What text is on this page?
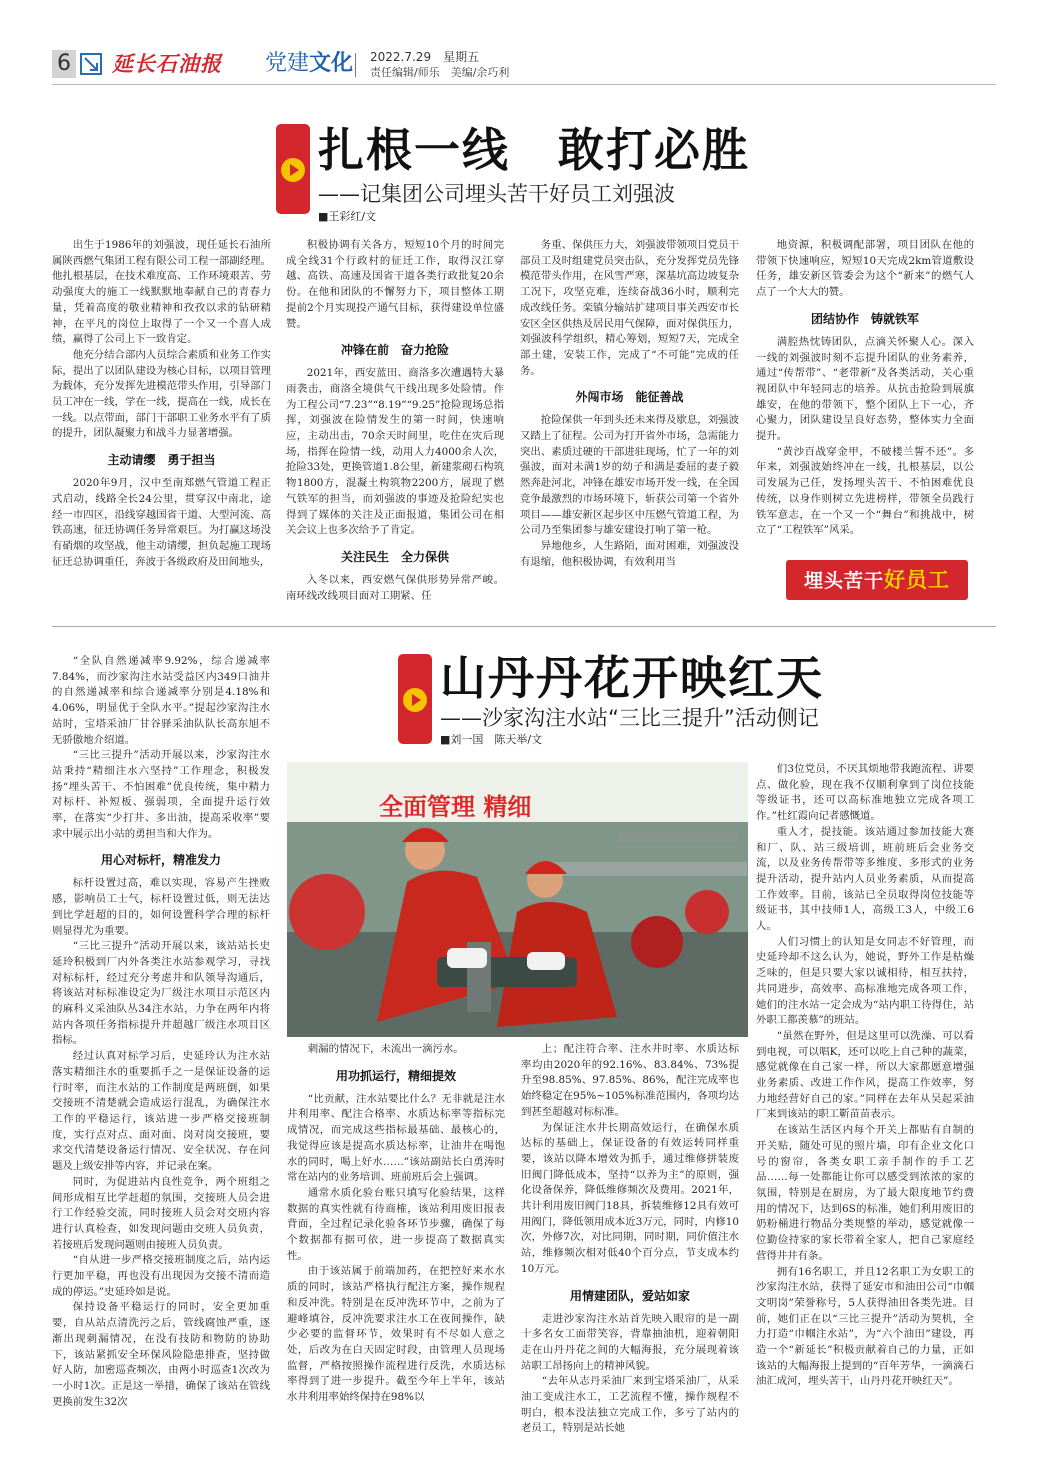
6 延长石油报 党建文化 2022.7.29　星期五
责任编辑/师乐　美编/余巧利
扎根一线　敢打必胜
——记集团公司埋头苦干好员工刘强波
■王彩红/文

出生于1986年的刘强波，现任延长石油所属陕西燃气集团工程有限公司工程一部副经理。他扎根基层，在技术难度高、工作环境艰苦、劳动强度大的施工一线默默地奉献自己的青春力量，凭着高度的敬业精神和孜孜以求的钻研精神，在平凡的岗位上取得了一个又一个喜人成绩，赢得了公司上下一致肯定。

他充分结合部内人员综合素质和业务工作实际，提出了以团队建设为核心目标，以项目管理为载体，充分发挥先进模范带头作用，引导部门员工冲在一线，学在一线，提高在一线，成长在一线。以点带面，部门干部职工业务水平有了质的提升，团队凝聚力和战斗力显著增强。

主动请缨　勇于担当

2020年9月，汉中至南郑燃气管道工程正式启动，线路全长24公里，贯穿汉中南北，途经一市四区，沿线穿越国省干道、大型河流、高铁高速，征迁协调任务异常艰巨。为打赢这场没有硝烟的攻坚战，他主动请缨，担负起施工现场征迁总协调重任，奔波于各级政府及田间地头，

积极协调有关各方，短短10个月的时间完成全线31个行政村的征迁工作，取得汉江穿越、高铁、高速及国省干道各类行政批复20余份。在他和团队的不懈努力下，项目整体工期提前2个月实现投产通气目标，获得建设单位盛赞。

冲锋在前　奋力抢险

2021年，西安蓝田、商洛多次遭遇特大暴雨袭击，商洛全境供气干线出现多处险情。作为工程公司“7.23”“8.19”“9.25”抢险现场总指挥，刘强波在险情发生的第一时间，快速响应，主动出击，70余天时间里，吃住在灾后现场，指挥在险情一线，动用人力4000余人次，抢险33处，更换管道1.8公里，新建浆砌石构筑物1800方，混凝土构筑物2200方，展现了燃气铁军的担当，而刘强波的事迹及抢险纪实也得到了媒体的关注及正面报道，集团公司在相关会议上也多次给予了肯定。

关注民生　全力保供

入冬以来，西安燃气保供形势异常严峻。南环线改线项目面对工期紧、任

务重、保供压力大，刘强波带领项目党员干部员工及时组建党员突击队，充分发挥党员先锋模范带头作用，在风雪严寒，深基坑高边坡复杂工况下，攻坚克难，连续奋战36小时，顺利完成改线任务。栾镇分输站扩建项目事关西安市长安区全区供热及居民用气保障，面对保供压力，刘强波科学组织，精心筹划，短短7天，完成全部土建，安装工作，完成了“不可能”完成的任务。

外闯市场　能征善战

抢险保供一年到头还未来得及歇息，刘强波又踏上了征程。公司为打开省外市场，急需能力突出、素质过硬的干部进驻现场，忙了一年的刘强波，面对未满1岁的幼子和满是委屈的妻子毅然奔赴河北，冲锋在雄安市场开发一线，在全国竞争最激烈的市场环境下，斩获公司第一个省外项目——雄安新区起步区中压燃气管道工程，为公司乃至集团参与雄安建设打响了第一枪。

异地他乡，人生路陌，面对困难，刘强波没有退缩，他积极协调，有效利用当

地资源，积极调配部署，项目团队在他的带领下快速响应，短短10天完成2km管道敷设任务，雄安新区管委会为这个“新来”的燃气人点了一个大大的赞。

团结协作　铸就铁军

满腔热忱铸团队，点滴关怀聚人心。深入一线的刘强波时刻不忘提升团队的业务素养，通过“传帮带”、“老带新”及各类活动，关心重视团队中年轻同志的培养。从抗击抢险到展旗雄安，在他的带领下，整个团队上下一心，齐心聚力，团队建设呈良好态势，整体实力全面提升。

“黄沙百战穿金甲，不破楼兰誓不还”。多年来，刘强波始终冲在一线，扎根基层，以公司发展为己任，发扬埋头苦干、不怕困难优良传统，以身作则树立先进榜样，带领全员践行铁军意志，在一个又一个“舞台”和挑战中，树立了“工程铁军”风采。

埋头苦干好员工
山丹丹花开映红天
——沙家沟注水站“三比三提升”活动侧记
■刘一国　陈天举/文
全面管理 精细

“全队自然递减率9.92%，综合递减率7.84%，而沙家沟注水站受益区内349口油井的自然递减率和综合递减率分别是4.18%和4.06%，明显优于全队水平。”提起沙家沟注水站时，宝塔采油厂甘谷驿采油队队长高东旭不无骄傲地介绍道。

“三比三提升”活动开展以来，沙家沟注水站秉持“精细注水六坚持”工作理念，积极发扬“埋头苦干、不怕困难”优良传统，集中精力对标杆、补短板、强弱项，全面提升运行效率，在落实“少打井、多出油，提高采收率”要求中展示出小站的勇担当和大作为。

用心对标杆，精准发力

标杆设置过高，难以实现，容易产生挫败感，影响员工士气，标杆设置过低，则无法达到比学赶超的目的，如何设置科学合理的标杆则显得尤为重要。

“三比三提升”活动开展以来，该站站长史延玲积极到厂内外各类注水站参观学习，寻找对标标杆，经过充分考虑井和队领导沟通后，将该站对标标准设定为厂级注水项目示范区内的麻科义采油队丛34注水站，力争在两年内将站内各项任务指标提升并超越厂级注水项目区指标。

经过认真对标学习后，史延玲认为注水站落实精细注水的重要抓手之一是保证设备的运行时率，而注水站的工作制度是两班倒，如果交接班不清楚就会造成运行混乱，为确保注水工作的平稳运行，该站进一步严格交接班制度，实行点对点、面对面、岗对岗交接班，要求交代清楚设备运行情况、安全状况、存在问题及上级安排等内容，并记录在案。

同时，为促进站内良性竞争，两个班组之间形成相互比学赶超的氛围，交接班人员会进行工作经验交流，同时接班人员会对交班内容进行认真检查，如发现问题由交班人员负责，若接班后发现问题则由接班人员负责。

“自从进一步严格交接班制度之后，站内运行更加平稳，再也没有出现因为交接不清而造成的停运。”史延玲如是说。

保持设备平稳运行的同时，安全更加重要，自从站点清洗污之后，管线腐蚀严重，逐渐出现刺漏情况，在没有技防和物防的协助下，该站紧抓安全环保风险隐患排查，坚持做好人防，加密巡查频次，由两小时巡查1次改为一小时1次。正是这一举措，确保了该站在管线更换前发生32次

刺漏的情况下，未流出一滴污水。

用功抓运行，精细提效

“比贡献，注水站要比什么？无非就是注水井利用率、配注合格率、水质达标率等指标完成情况，而完成这些指标最基础、最核心的，我觉得应该是提高水质达标率，让油井在喝饱水的同时，喝上好水……”该站副站长白勇涛时常在站内的业务培训、班前班后会上强调。

通常水质化验台账只填写化验结果，这样数据的真实性就有待商榷，该站利用废旧报表背面，全过程记录化验各环节步骤，确保了每个数据都有据可依，进一步提高了数据真实性。

由于该站属于前端加药，在把控好来水水质的同时，该站严格执行配注方案，操作规程和反冲洗。特别是在反冲洗环节中，之前为了避峰填谷，反冲洗要求注水工在夜间操作，缺少必要的监督环节，效果时有不尽如人意之处，后改为在白天固定时段，由管理人员现场监督，严格按照操作流程进行反洗，水质达标率得到了进一步提升。截至今年上半年，该站水井利用率始终保持在98%以

上；配注符合率、注水井时率、水质达标率均由2020年的92.16%、83.84%、73%提升至98.85%、97.85%、86%，配注完成率也始终稳定在95%~105%标准范围内，各项均达到甚至超越对标标准。

为保证注水井长期高效运行，在确保水质达标的基础上，保证设备的有效运转同样重要，该站以降本增效为抓手，通过维修拼装废旧阀门降低成本，坚持“以养为主”的原则，强化设备保养，降低维修频次及费用。2021年，共计利用废旧阀门18具，拆装维修12具有效可用阀门，降低领用成本近3万元，同时，内修10次，外修7次，对比同期，同时期，同价值注水站，维修频次相对低40个百分点，节支成本约10万元。

用情建团队，爱站如家

走进沙家沟注水站首先映入眼帘的是一副十多名女工面带笑容，背靠抽油机，迎着朝阳走在山丹丹花之间的大幅海报，充分展现着该站职工昂扬向上的精神风貌。

“去年从志丹采油厂来到宝塔采油厂，从采油工变成注水工，工艺流程不懂，操作规程不明白，根本没法独立完成工作，多亏了站内的老员工，特别是站长她

们3位党员，不厌其烦地带我跑流程、讲要点、做化验，现在我不仅顺利拿到了岗位技能等级证书，还可以高标准地独立完成各项工作。”杜红霞向记者感慨道。

重人才，提技能。该站通过参加技能大赛和厂、队、站三级培训，班前班后会业务交流，以及业务传帮带等多维度、多形式的业务提升活动，提升站内人员业务素质，从而提高工作效率。目前，该站已全员取得岗位技能等级证书，其中技师1人，高级工3人，中级工6人。

人们习惯上的认知是女同志不好管理，而史延玲却不这么认为，她说，野外工作是枯燥乏味的，但是只要大家以诚相待，相互扶持，共同进步，高效率、高标准地完成各项工作，她们的注水站一定会成为“站内职工待得住，站外职工都羡慕”的班站。

“虽然在野外，但是这里可以洗澡、可以看到电视，可以唱K，还可以吃上自己种的蔬菜，感觉就像在自己家一样，所以大家都愿意增强业务素质、改进工作作风，提高工作效率，努力地经营好自己的家。”同样在去年从吴起采油厂来到该站的职工靳苗苗表示。

在该站生活区内每个开关上都贴有自制的开关贴，随处可见的照片墙，印有企业文化口号的窗帘，各类女职工亲手制作的手工艺品……每一处都能让你可以感受到浓浓的家的氛围，特别是在厨房，为了最大限度地节约费用的情况下，达到6S的标准，她们利用废旧的奶粉桶进行物品分类规整的举动，感觉就像一位勤俭持家的家长带着全家人，把自己家庭经营得井井有条。

拥有16名职工，并且12名职工为女职工的沙家沟注水站，获得了延安市和油田公司“巾帼文明岗”荣誉称号，5人获得油田各类先进。目前，她们正在以“三比三提升”活动为契机，全力打造“巾帼注水站”，为“六个油田”建设，再造一个“新延长”积极贡献着自己的力量，正如该站的大幅海报上提到的“百年芳华，一滴滴石油汇成河，埋头苦干，山丹丹花开映红天”。
